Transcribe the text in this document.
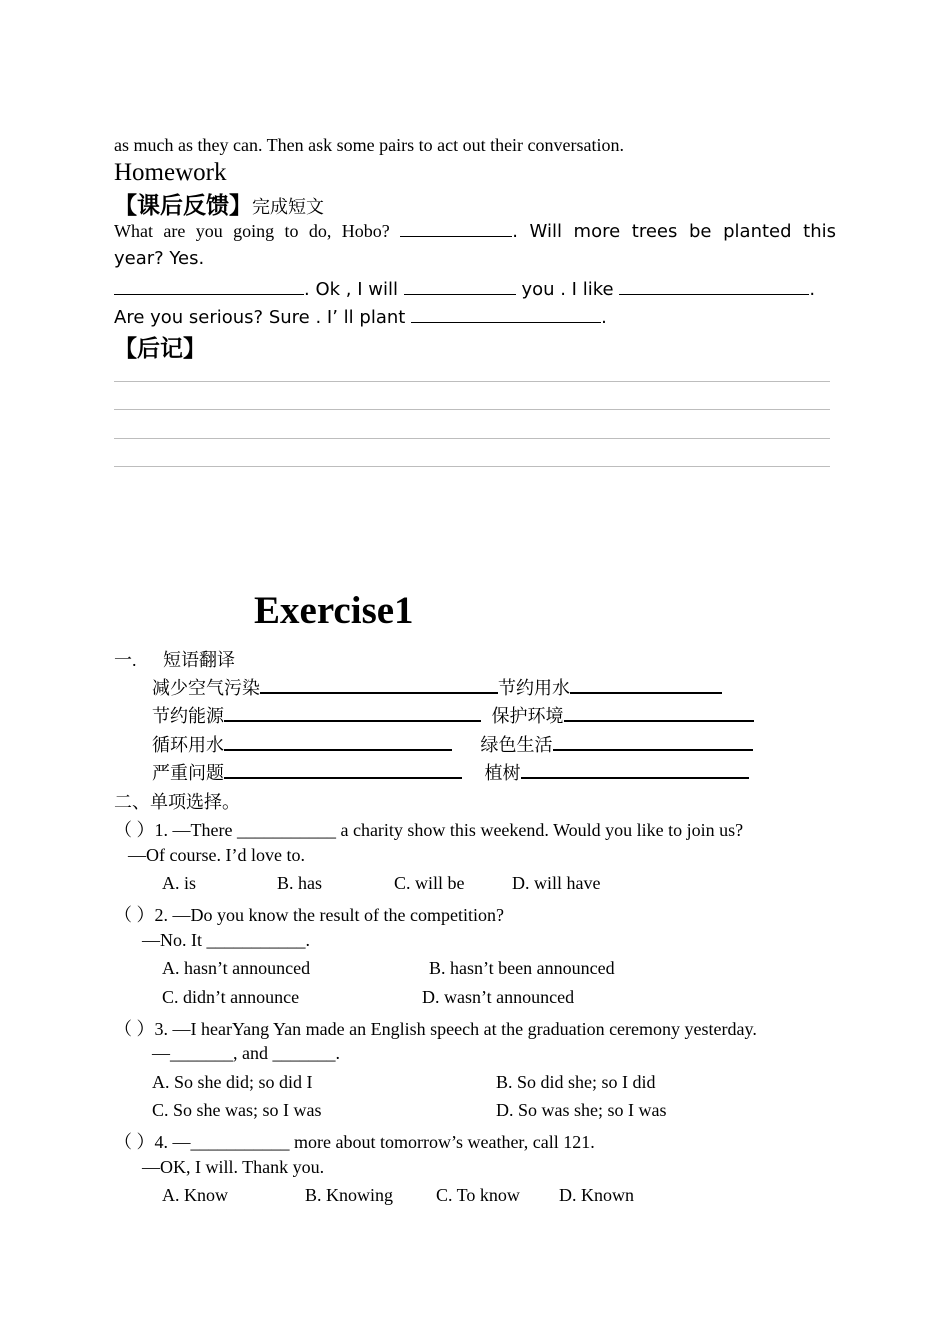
as much as they can. Then ask some pairs to act out their conversation.
Homework
【课后反馈】完成短文
What are you going to do, Hobo?	. Will more trees be planted this
year? Yes.
. Ok , I will	you . I like	.
Are you serious? Sure . I’ ll plant	.
【后记】
Exercise1
一. 短语翻译
减少空气污染	节约用水
节约能源	保护环境
循环用水	绿色生活
严重问题	植树
二、单项选择。
（ ）1. —There ___________ a charity show this weekend. Would you like to join us?
—Of course. I’d love to.
A. is	B. has	C. will be	D. will have
（ ）2. —Do you know the result of the competition?
—No. It ___________.
A. hasn’t announced	B. hasn’t been announced
C. didn’t announce	D. wasn’t announced
（ ）3. —I hearYang Yan made an English speech at the graduation ceremony yesterday.
—_______, and _______.
A. So she did; so did I	B. So did she; so I did
C. So she was; so I was	D. So was she; so I was
（ ）4. —___________ more about tomorrow’s weather, call 121.
—OK, I will. Thank you.
A. Know	B. Knowing C. To know D. Known
